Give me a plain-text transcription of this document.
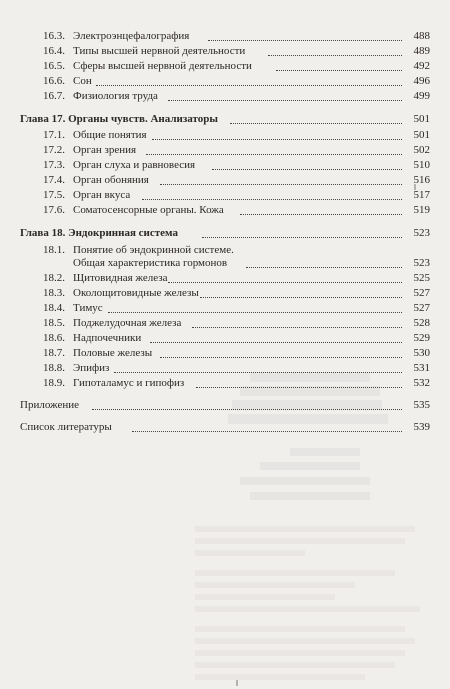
16.3. Электроэнцефалография	488
16.4. Типы высшей нервной деятельности	489
16.5. Сферы высшей нервной деятельности	492
16.6. Сон	496
16.7. Физиология труда	499
Глава 17. Органы чувств. Анализаторы	501
17.1. Общие понятия	501
17.2. Орган зрения	502
17.3. Орган слуха и равновесия	510
17.4. Орган обоняния	516
17.5. Орган вкуса	517
17.6. Соматосенсорные органы. Кожа	519
Глава 18. Эндокринная система	523
18.1. Понятие об эндокринной системе.
Общая характеристика гормонов	523
18.2. Щитовидная железа	525
18.3. Околощитовидные железы	527
18.4. Тимус	527
18.5. Поджелудочная железа	528
18.6. Надпочечники	529
18.7. Половые железы	530
18.8. Эпифиз	531
18.9. Гипоталамус и гипофиз	532
Приложение	535
Список литературы	539
